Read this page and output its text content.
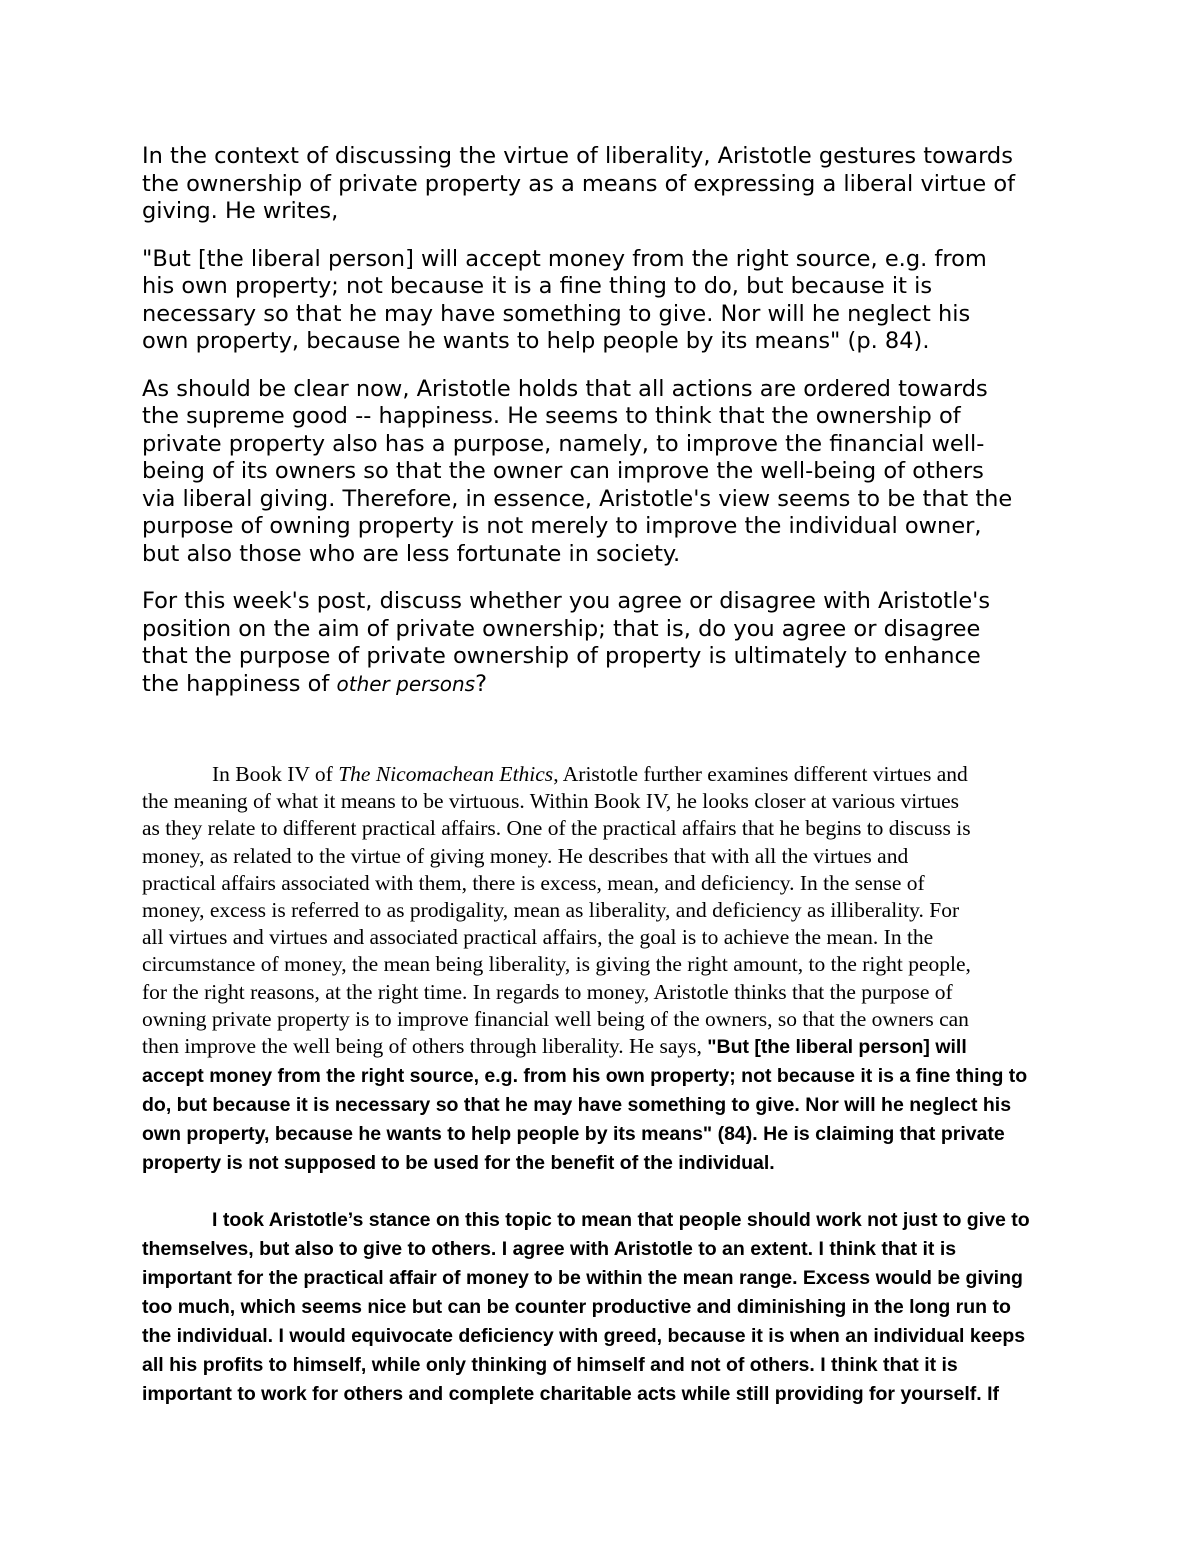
In the context of discussing the virtue of liberality, Aristotle gestures towards
the ownership of private property as a means of expressing a liberal virtue of
giving. He writes,

"But [the liberal person] will accept money from the right source, e.g. from
his own property; not because it is a fine thing to do, but because it is
necessary so that he may have something to give. Nor will he neglect his
own property, because he wants to help people by its means" (p. 84).

As should be clear now, Aristotle holds that all actions are ordered towards
the supreme good -- happiness. He seems to think that the ownership of
private property also has a purpose, namely, to improve the financial well-
being of its owners so that the owner can improve the well-being of others
via liberal giving. Therefore, in essence, Aristotle's view seems to be that the
purpose of owning property is not merely to improve the individual owner,
but also those who are less fortunate in society.

For this week's post, discuss whether you agree or disagree with Aristotle's
position on the aim of private ownership; that is, do you agree or disagree
that the purpose of private ownership of property is ultimately to enhance
the happiness of other persons?

In Book IV of The Nicomachean Ethics, Aristotle further examines different virtues and
the meaning of what it means to be virtuous. Within Book IV, he looks closer at various virtues
as they relate to different practical affairs. One of the practical affairs that he begins to discuss is
money, as related to the virtue of giving money. He describes that with all the virtues and
practical affairs associated with them, there is excess, mean, and deficiency. In the sense of
money, excess is referred to as prodigality, mean as liberality, and deficiency as illiberality. For
all virtues and virtues and associated practical affairs, the goal is to achieve the mean. In the
circumstance of money, the mean being liberality, is giving the right amount, to the right people,
for the right reasons, at the right time. In regards to money, Aristotle thinks that the purpose of
owning private property is to improve financial well being of the owners, so that the owners can
then improve the well being of others through liberality. He says, "But [the liberal person] will
accept money from the right source, e.g. from his own property; not because it is a fine thing to
do, but because it is necessary so that he may have something to give. Nor will he neglect his
own property, because he wants to help people by its means" (84). He is claiming that private
property is not supposed to be used for the benefit of the individual.
I took Aristotle’s stance on this topic to mean that people should work not just to give to
themselves, but also to give to others. I agree with Aristotle to an extent. I think that it is
important for the practical affair of money to be within the mean range. Excess would be giving
too much, which seems nice but can be counter productive and diminishing in the long run to
the individual. I would equivocate deficiency with greed, because it is when an individual keeps
all his profits to himself, while only thinking of himself and not of others. I think that it is
important to work for others and complete charitable acts while still providing for yourself. If
